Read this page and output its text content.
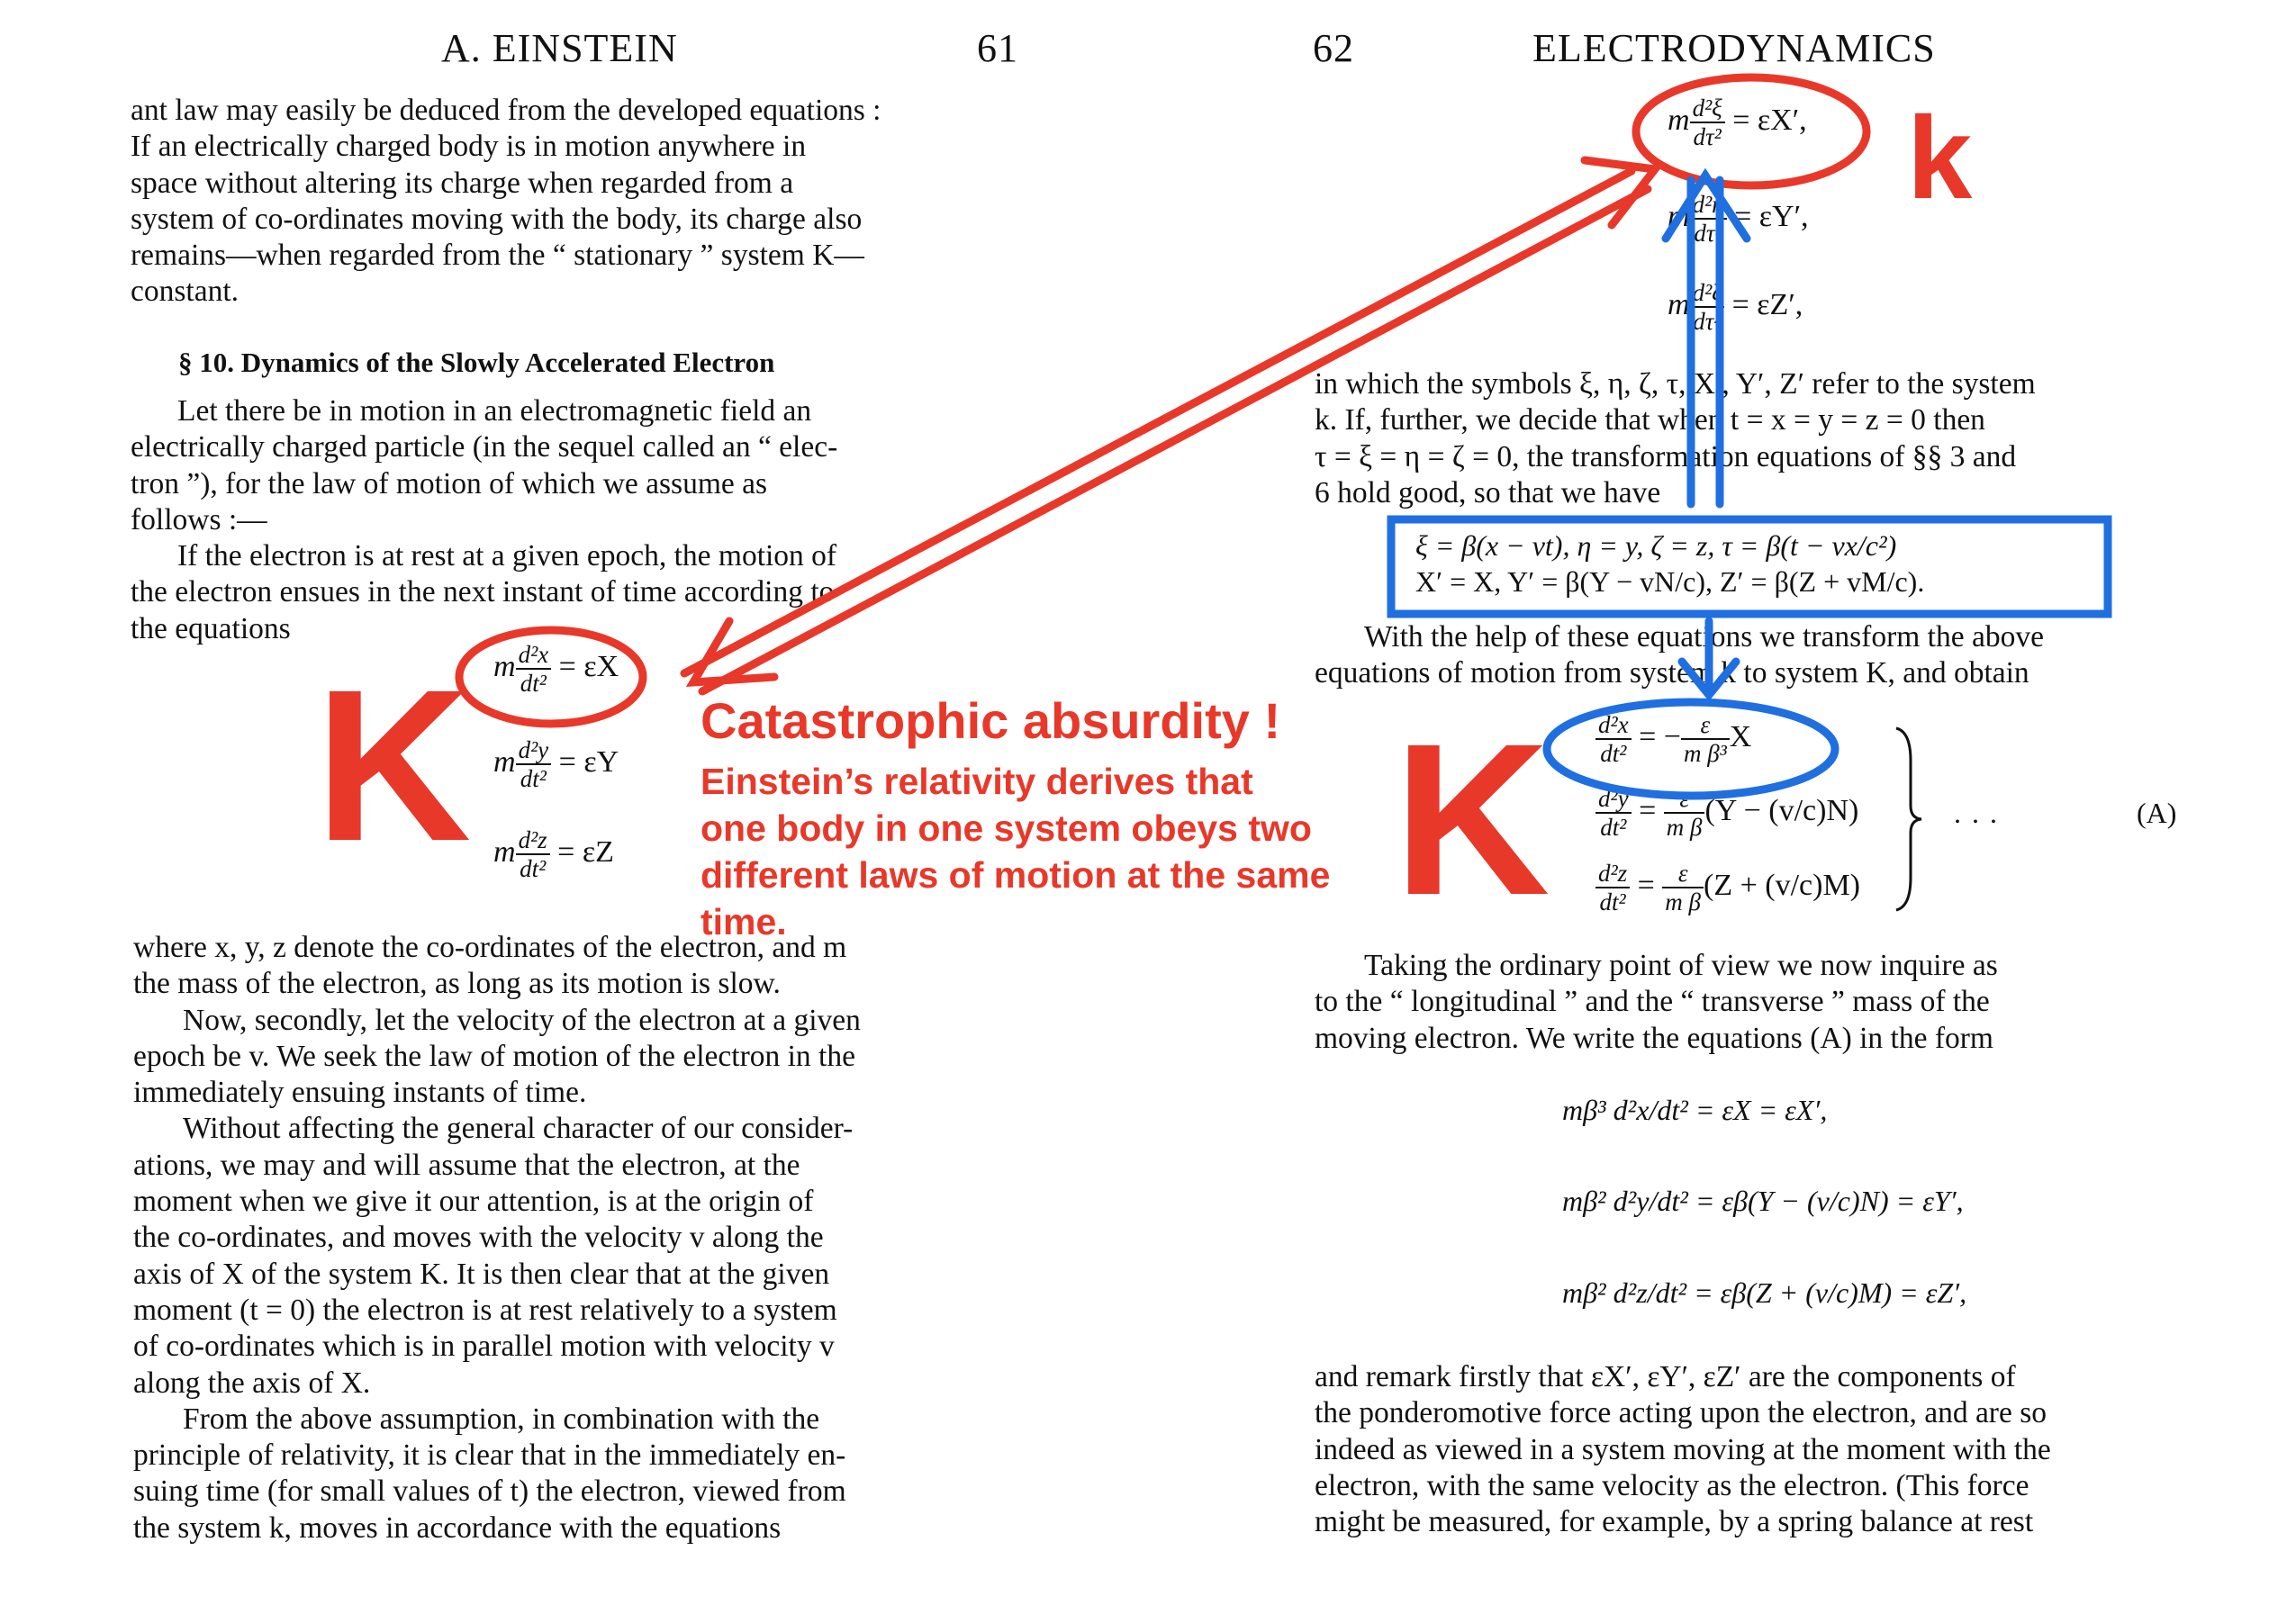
A. EINSTEIN	61
ant law may easily be deduced from the developed equations :
If an electrically charged body is in motion anywhere in
space without altering its charge when regarded from a
system of co-ordinates moving with the body, its charge also
remains—when regarded from the “ stationary ” system K—
constant.
§ 10. Dynamics of the Slowly Accelerated Electron
Let there be in motion in an electromagnetic field an
electrically charged particle (in the sequel called an “ elec-
tron ”), for the law of motion of which we assume as
follows :—
If the electron is at rest at a given epoch, the motion of
the electron ensues in the next instant of time according to
the equations
m $\frac{\text{d²x}}{\text{dt²}} = \varepsilon X$
m $\frac{\text{d²y}}{\text{dt²}} = \varepsilon Y$
m $\frac{\text{d²z}}{\text{dt²}} = \varepsilon Z$
where x, y, z denote the co-ordinates of the electron, and m
the mass of the electron, as long as its motion is slow.
Now, secondly, let the velocity of the electron at a given
epoch be v. We seek the law of motion of the electron in the
immediately ensuing instants of time.
Without affecting the general character of our consider-
ations, we may and will assume that the electron, at the
moment when we give it our attention, is at the origin of
the co-ordinates, and moves with the velocity v along the
axis of X of the system K. It is then clear that at the given
moment (t = 0) the electron is at rest relatively to a system
of co-ordinates which is in parallel motion with velocity v
along the axis of X.
From the above assumption, in combination with the
principle of relativity, it is clear that in the immediately en-
suing time (for small values of t) the electron, viewed from
the system k, moves in accordance with the equations
62	ELECTRODYNAMICS
m $\frac{\text{d²ξ}}{\text{dτ²}} = \varepsilon X'$,
m $\frac{\text{d²η}}{\text{dτ²}} = \varepsilon Y'$,
m $\frac{\text{d²ζ}}{\text{dτ²}} = \varepsilon Z'$,
in which the symbols ξ, η, ζ, τ, X′, Y′, Z′ refer to the system
k. If, further, we decide that when t = x = y = z = 0 then
τ = ξ = η = ζ = 0, the transformation equations of §§ 3 and
6 hold good, so that we have
ξ = β(x − vt), η = y, ζ = z, τ = β(t − vx/c²)
X′ = X, Y′ = β(Y − vN/c), Z′ = β(Z + vM/c).
With the help of these equations we transform the above
equations of motion from system k to system K, and obtain
$\frac{\text{d²x}}{\text{dt²}}$ = − $\frac{\varepsilon}{\text{m β³}}$ X
$\frac{\text{d²y}}{\text{dt²}} = \frac{\varepsilon}{\text{m β}} (Y - (v/c)N)$
$\frac{\text{d²z}}{\text{dt²}} = \frac{\varepsilon}{\text{m β}} (Z + (v/c)M)$
. . .	(A)
Taking the ordinary point of view we now inquire as
to the “ longitudinal ” and the “ transverse ” mass of the
moving electron. We write the equations (A) in the form
mβ³ d²x/dt² = εX = εX′,
mβ² d²y/dt² = εβ(Y − (v/c)N) = εY′,
mβ² d²z/dt² = εβ(Z + (v/c)M) = εZ′,
and remark firstly that εX′, εY′, εZ′ are the components of
the ponderomotive force acting upon the electron, and are so
indeed as viewed in a system moving at the moment with the
electron, with the same velocity as the electron. (This force
might be measured, for example, by a spring balance at rest
K	K
k
Catastrophic absurdity !
Einstein’s relativity derives that
one body in one system obeys two
different laws of motion at the same
time.
